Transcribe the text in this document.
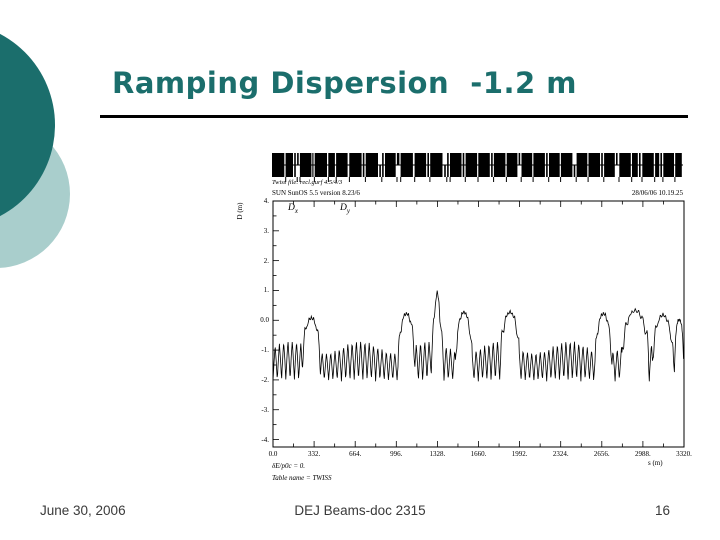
Ramping Dispersion  -1.2 m
Twiss file: recl.gurf 4.5/4/3
SUN SunOS 5.5 version 8.23/6	28/06/06 10.19.25
D (m)	$D_x$	$D_y$
4.
3.
2.
1.
0.0
-1.
-2.
-3.
-4.
0.0	332.	664.	996.	1328.	1660.	1992.	2324.	2656.	2988.	3320.
s (m)
δE/p0c = 0.
Table name = TWISS
June 30, 2006	DEJ Beams-doc 2315	16
